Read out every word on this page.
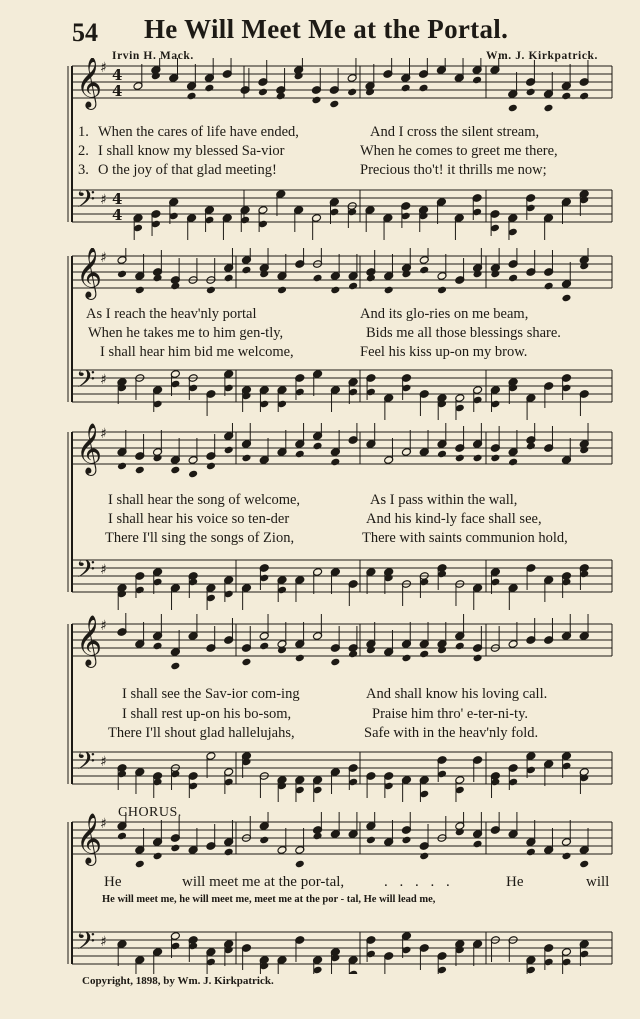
54 He Will Meet Me at the Portal.
Irvin H. Mack.	Wm. J. Kirkpatrick.
𝄞
𝄢
♯
♯
4
4
4
4
1. When the cares of life have ended,	And I cross the silent stream,
2. I shall know my blessed Sa-vior	When he comes to greet me there,
3. O the joy of that glad meeting!	Precious tho't! it thrills me now;
𝄞
𝄢
♯
♯
As I reach the heav'nly portal	And its glo-ries on me beam,
When he takes me to him gen-tly,	Bids me all those blessings share.
I shall hear him bid me welcome,	Feel his kiss up-on my brow.
𝄞
𝄢
♯
♯
I shall hear the song of welcome,	As I pass within the wall,
I shall hear his voice so ten-der	And his kind-ly face shall see,
There I'll sing the songs of Zion,	There with saints communion hold,
𝄞
𝄢
♯
♯
I shall see the Sav-ior com-ing	And shall know his loving call.
I shall rest up-on his bo-som,	Praise him thro' e-ter-ni-ty.
There I'll shout glad hallelujahs,	Safe with in the heav'nly fold.
CHORUS.
𝄞
𝄢
♯
♯
He	will meet me at the por-tal,	. . . . .	He	will
He will meet me, he will meet me, meet me at the por - tal, He will lead me,
Copyright, 1898, by Wm. J. Kirkpatrick.
